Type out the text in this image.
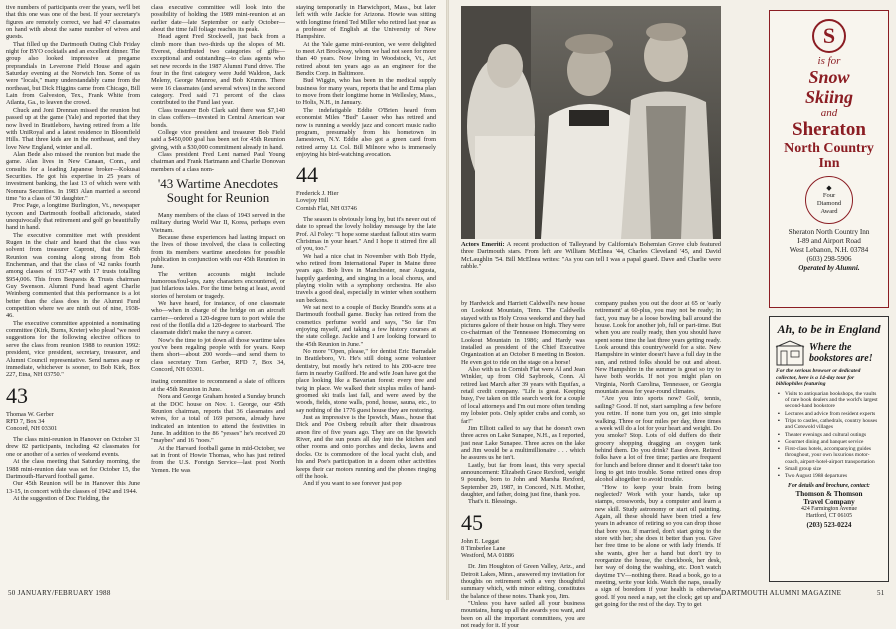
tive numbers of participants over the years, we'll bet that this one was one of the best. If your secretary's figures are remotely correct, we had 47 classmates on hand with about the same number of wives and guests.

That filled up the Dartmouth Outing Club Friday night for BYO cocktails and an excellent dinner. The group also looked impressive at pregame preprandials in Leverone Field House and again Saturday evening at the Norwich Inn. Some of us were "locals," many understandably came from the northeast, but Dick Higgins came from Chicago, Bill Lain from Galveston, Tex., Frank White from Atlanta, Ga., to leaven the crowd.

Chuck and Joni Drennan missed the reunion but passed up at the game (Yale) and reported that they now lived in Brattleboro, having retired from a life with UniRoyal and a latest residence in Bloomfield Hills. That three kids are in the northeast, and they love New England, winter and all.

Alan Bede also missed the reunion but made the game. Alan lives in New Canaan, Conn., and consults for a leading Japanese broker—Kokusai Securities. He got his expertise in 25 years of investment banking, the last 13 of which were with Nomura Securities. In 1983 Alan married a second time "to a class of '30 daughter."

Proc Page, a longtime Burlington, Vt., newspaper tycoon and Dartmouth football aficionado, stated unequivocally that retirement and golf go beautifully hand in hand.

The executive committee met with president Rugen in the chair and heard that the class was solvent from treasurer Caproni, that the 45th Reunion was coming along strong from Bob Enchenman, and that the class of '42 ranks fourth among classes of 1937-47 with 17 trusts totalling $954,006. This from Bequests & Trusts chairman Guy Swenson. Alumni Fund head agent Charlie Weinberg commented that this performance is a lot better than the class does in the Alumni Fund competition where we are ninth out of nine, 1938-46.

The executive committee appointed a nominating committee (Kirk, Burns, Kreter) who plead "we need suggestions for the following elective offices to serve the class from reunion 1988 to reunion 1992: president, vice president, secretary, treasurer, and Alumni Council representative. Send names asap or immediate, whichever is sooner, to Bob Kirk, Box 227, Etna, NH 03750."

43
Thomas W. Gerber
RFD 7, Box 34
Concord, NH 03301

The class mini-reunion in Hanover on October 31 drew 82 participants, including 42 classmates for one or another of a series of weekend events.

At the class meeting that Saturday morning, the 1988 mini-reunion date was set for October 15, the Dartmouth-Harvard football game.

Our 45th Reunion will be in Hanover this June 13-15, in concert with the classes of 1942 and 1944.

At the suggestion of Doc Fielding, the

class executive committee will look into the possibility of holding the 1989 mini-reunion at an earlier date—late September or early October—about the time fall foliage reaches its peak.

Head agent Fred Stockwell, just back from a climb more than two-thirds up the slopes of Mt. Everest, distributed two categories of gifts—exceptional and outstanding—to class agents who set new records in the 1987 Alumni Fund drive. The four in the first category were Judd Waldron, Jack Meleny, George Munroe, and Bob Krumm. There were 16 classmates (and several wives) in the second category. Fred said 71 percent of the class contributed to the Fund last year.

Class treasurer Bob Clark said there was $7,140 in class coffers—invested in Central American war bonds.

College vice president and treasurer Bob Field said a $450,000 goal has been set for 45th Reunion giving, with a $30,000 commitment already in hand.

Class president Fred Lent named Paul Young chairman and Frank Hartmann and Charlie Donovan members of a class nom-

'43 Wartime Anecdotes Sought for Reunion

Many members of the class of 1943 served in the military during World War II, Korea, perhaps even Vietnam.

Because these experiences had lasting impact on the lives of those involved, the class is collecting from its members wartime anecdotes for possible publication in conjunction with our 45th Reunion in June.

The written accounts might include humorous/foul-ups, zany characters encountered, or just hilarious tales. For the time being at least, avoid stories of heroism or tragedy.

We have heard, for instance, of one classmate who—when in charge of the bridge on an aircraft carrier—ordered a 120-degree turn to port while the rest of the flotilla did a 120-degree to starboard. The classmate didn't make the navy a career.

Now's the time to jot down all those wartime tales you've been regaling people with for years. Keep them short—about 200 words—and send them to class secretary Tom Gerber, RFD 7, Box 34, Concord, NH 03301.

inating committee to recommend a slate of officers at the 45th Reunion in June.

Nora and George Graham hosted a Sunday brunch at the DOC house on Nov. 1. George, our 45th Reunion chairman, reports that 36 classmates and wives, for a total of 169 persons, already have indicated an intention to attend the festivities in June. In addition to the 86 "yesses" he's received 20 "maybes" and 16 "noes."

At the Harvard football game in mid-October, we sat in front of Howie Thomas, who has just retired from the U.S. Foreign Service—last post North Yemen. He was

staying temporarily in Harwichport, Mass., but later left with wife Jackie for Arizona. Howie was sitting with longtime friend Ted Miller who retired last year as a professor of English at the University of New Hampshire.

At the Yale game mini-reunion, we were delighted to meet Art Brockway, whom we had not seen for more than 40 years. Now living in Woodstock, Vt., Art retired about ten years ago as an engineer for the Bendix Corp. in Baltimore.

Bud Wiggin, who has been in the medical supply business for many years, reports that he and Erma plan to move from their longtime home in Wellesley, Mass., to Holis, N.H., in January.

The indefatigable Eddie O'Brien heard from economist Miles "Bud" Lasser who has retired and now is running a weekly jazz and concert music radio program, presumably from his hometown in Jamestown, N.Y. Eddie also got a green card from retired army Lt. Col. Bill Milnore who is immensely enjoying his bird-watching avocation.

44
Frederick J. Hier
Lovejoy Hill
Cornish Flat, NH 03746

The season is obviously long by, but it's never out of date to spread the lovely holiday message by the late Prof. Al Foley: "I hope some stardust fallout stirs warm Christmas in your heart." And I hope it stirred fire all of you, too."

We had a nice chat in November with Bob Hyde, who retired from International Paper in Maine three years ago. Bob lives in Manchester, near Augusta, happily gardening, and singing in a local chorus, and playing violin with a symphony orchestra. He also travels a good deal, especially in winter when southern sun beckons.

We sat next to a couple of Bucky Brandt's sons at a Dartmouth football game. Bucky has retired from the cosmetics perfume world and says, "So far I'm enjoying myself, and taking a few history courses at the state college. Jackie and I are looking forward to the 45th Reunion in June."

No more "Open, please," for dentist Eric Barradale in Brattleboro, Vt. He's still doing some volunteer dentistry, but mostly he's retired to his 200-acre tree farm in nearby Guilford. He and wife Joan have got the place looking like a Bavarian forest: every tree and twig in place. We walked their sixplus miles of hand-groomed ski trails last fall, and were awed by the woods, fields, stone walls, pond, house, sauna, etc., to say nothing of the 1776 guest house they are restoring.

Just as impressive is the Ipswich, Mass., house that Dick and Poe Oxberg rebuilt after their disastrous arson fire of five years ago. They are on the Ipswich River, and the sun pours all day into the kitchen and other rooms and onto porches and decks, lawns and docks. Oz is commodore of the local yacht club, and his and Poe's participation in a dozen other activities keeps their car motors running and the phones ringing off the hook.

And if you want to see forever just pop

50 JANUARY/FEBRUARY 1988
Actors Emeriti: A recent production of Talleyrand by California's Bohemian Grove club featured three Dartmouth stars. From left are William McElnea '44, Charles Cleveland '45, and David McLaughlin '54. Bill McElnea writes: "As you can tell I was a papal guard. Dave and Charlie were rabble."

by Hardwick and Harriett Caldwell's new house on Lookout Mountain, Tenn. The Caldwells stayed with us Holy Cross weekend and they had pictures galore of their house on high. They were co-chairman of the Tennessee Homecoming on Lookout Mountain in 1986; and Hardy was installed as president of the Chief Executive Organization at an October 8 meeting in Boston. He even got to ride on the stage on a horse!

Also with us in Cornish Flat were Al and Jean Winkler, up from Old Saybrook, Conn. Al retired last March after 39 years with Equifax, a retail credit company. "Life is great. Keeping busy, I've taken on title search work for a couple of local attorneys and I'm out more often tending my lobster pots. Only spider crabs and comb, so far!"

Jim Elliott called to say that he doesn't own three acres on Lake Sunapee, N.H., as I reported, just near Lake Sunapee. Three acres on the lake and Jim would be a multimillionaire . . . which he assures us he isn't.

Lastly, but far from least, this very special announcement: Elizabeth Grace Rexford, weight 9 pounds, born to John and Marsha Rexford, September 29, 1987, in Concord, N.H. Mother, daughter, and father, doing just fine, thank you.

That's it. Blessings.

45
John E. Leggat
8 Timberlee Lane
Westford, MA 01886

Dr. Jim Houghton of Green Valley, Ariz., and Detroit Lakes, Minn., answered my invitation for thoughts on retirement with a very thoughtful summary which, with minor editing, constitutes the balance of these notes. Thank you, Jim.

"Unless you have sailed all your business mountains, hung up all the awards you want, and been on all the important committees, you are not ready for it. If your

company pushes you out the door at 65 or 'early retirement' at 60-plus, you may not be ready; in fact, you may be a loose bowling ball around the house. Look for another job, full or part-time. But when you are really ready, then you should have spent some time the last three years getting ready. Look around this country/world for a site. New Hampshire in winter doesn't have a full day in the sun, and retired folks should be out and about. New Hampshire in the summer is great so try to have both worlds. If not you might plan on Virginia, North Carolina, Tennessee, or Georgia mountain areas for year-round climates.

"Are you into sports now? Golf, tennis, sailing? Good. If not, start sampling a few before you retire. If none turn you on, get into simple walking. Three or four miles per day, three times a week will do a lot for your heart and weight. Do you smoke? Stop. Lots of old duffers do their grocery shopping dragging an oxygen tank behind them. Do you drink? Ease down. Retired folks have a lot of free time; parties are frequent for lunch and before dinner and it doesn't take too long to get into trouble. Some retired ones drop alcohol altogether to avoid trouble.

"How to keep your brain from being neglected? Work with your hands, take up stamps, crosswords, buy a computer and learn a new skill. Study astronomy or start oil painting. Again, all these should have been tried a few years in advance of retiring so you can drop those that bore you. If married, don't start going to the store with her; she does it better than you. Give her free time to be alone or with lady friends. If she wants, give her a hand but don't try to reorganize the house, the checkbook, her desk, her way of doing the washing, etc. Don't watch daytime TV—nothing there. Read a book, go to a meeting, write your kids. Watch the naps, usually a sign of boredom if your health is otherwise good. If you need a nap, set the clock; get up and get going for the rest of the day. Try to get

S
is for
Snow
Skiing
and
Sheraton
North Country
Inn
◆
Four
Diamond
Award
Sheraton North Country Inn
I-89 and Airport Road
West Lebanon, N.H. 03784
(603) 298-5906
Operated by Alumni.
Ah, to be in England
Where the
bookstores are!
For the serious browser or dedicated collector, here is a 14-day tour for bibliophiles featuring
▪ Visits to antiquarian bookshops, the vaults of rare book dealers and the world's largest second-hand bookstore
▪ Lectures and advice from resident experts
▪ Trips to castles, cathedrals, country houses and Cotswold villages
▪ Theater evenings and cultural outings
▪ Gourmet dining and banquet service
▪ First-class hotels, accompanying guides throughout, your own luxurious motor-coach, airport-hotel-airport transportation
▪ Small group size
▪ Two August 1988 departures
For details and brochure, contact:
Thomson & Thomson
Travel Company
424 Farmington Avenue
Hartford, CT 06105
(203) 523-0224
DARTMOUTH ALUMNI MAGAZINE	51
